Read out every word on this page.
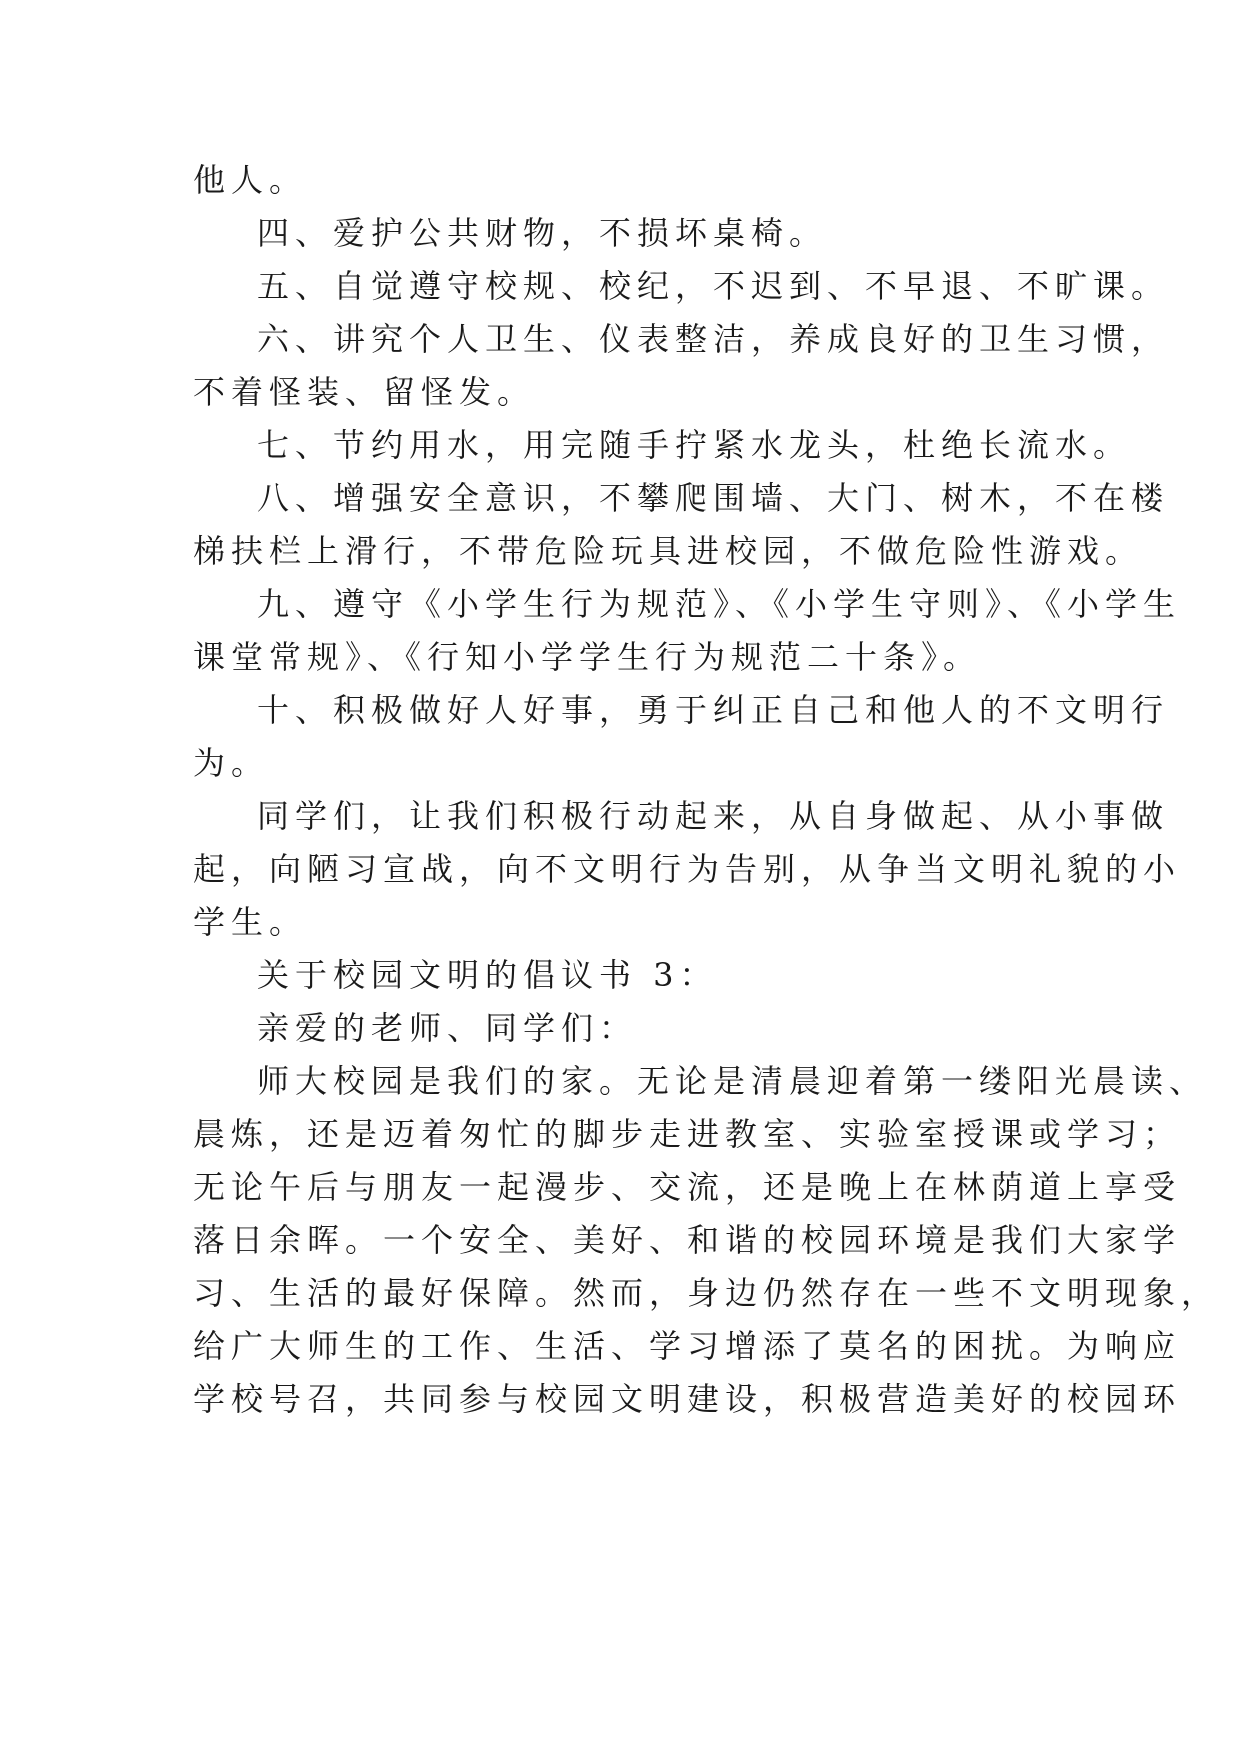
他人。
四、爱护公共财物，不损坏桌椅。
五、自觉遵守校规、校纪，不迟到、不早退、不旷课。
六、讲究个人卫生、仪表整洁，养成良好的卫生习惯，
不着怪装、留怪发。
七、节约用水，用完随手拧紧水龙头，杜绝长流水。
八、增强安全意识，不攀爬围墙、大门、树木，不在楼
梯扶栏上滑行，不带危险玩具进校园，不做危险性游戏。
九、遵守《小学生行为规范》、《小学生守则》、《小学生
课堂常规》、《行知小学学生行为规范二十条》。
十、积极做好人好事，勇于纠正自己和他人的不文明行
为。
同学们，让我们积极行动起来，从自身做起、从小事做
起，向陋习宣战，向不文明行为告别，从争当文明礼貌的小
学生。
关于校园文明的倡议书 3：
亲爱的老师、同学们：
师大校园是我们的家。无论是清晨迎着第一缕阳光晨读、
晨炼，还是迈着匆忙的脚步走进教室、实验室授课或学习；
无论午后与朋友一起漫步、交流，还是晚上在林荫道上享受
落日余晖。一个安全、美好、和谐的校园环境是我们大家学
习、生活的最好保障。然而，身边仍然存在一些不文明现象，
给广大师生的工作、生活、学习增添了莫名的困扰。为响应
学校号召，共同参与校园文明建设，积极营造美好的校园环
